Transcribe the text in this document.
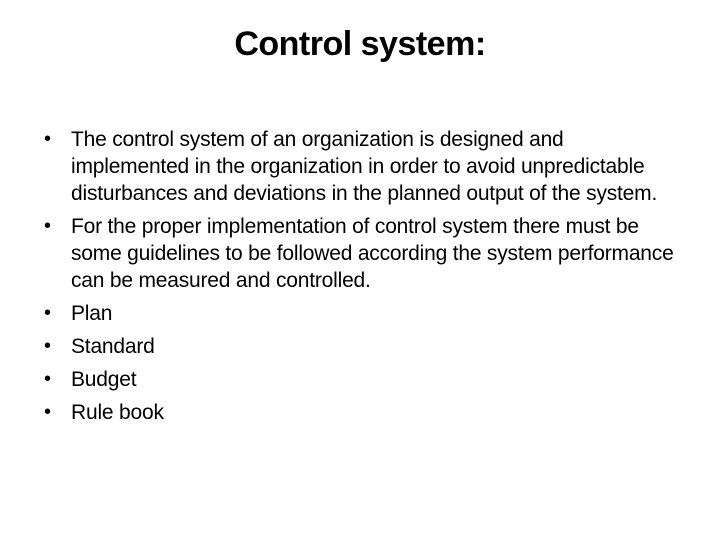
Control system:
• The control system of an organization is designed and implemented in the organization in order to avoid unpredictable disturbances and deviations in the planned output of the system.
• For the proper implementation of control system there must be some guidelines to be followed according the system performance can be measured and controlled.
• Plan
• Standard
• Budget
• Rule book
